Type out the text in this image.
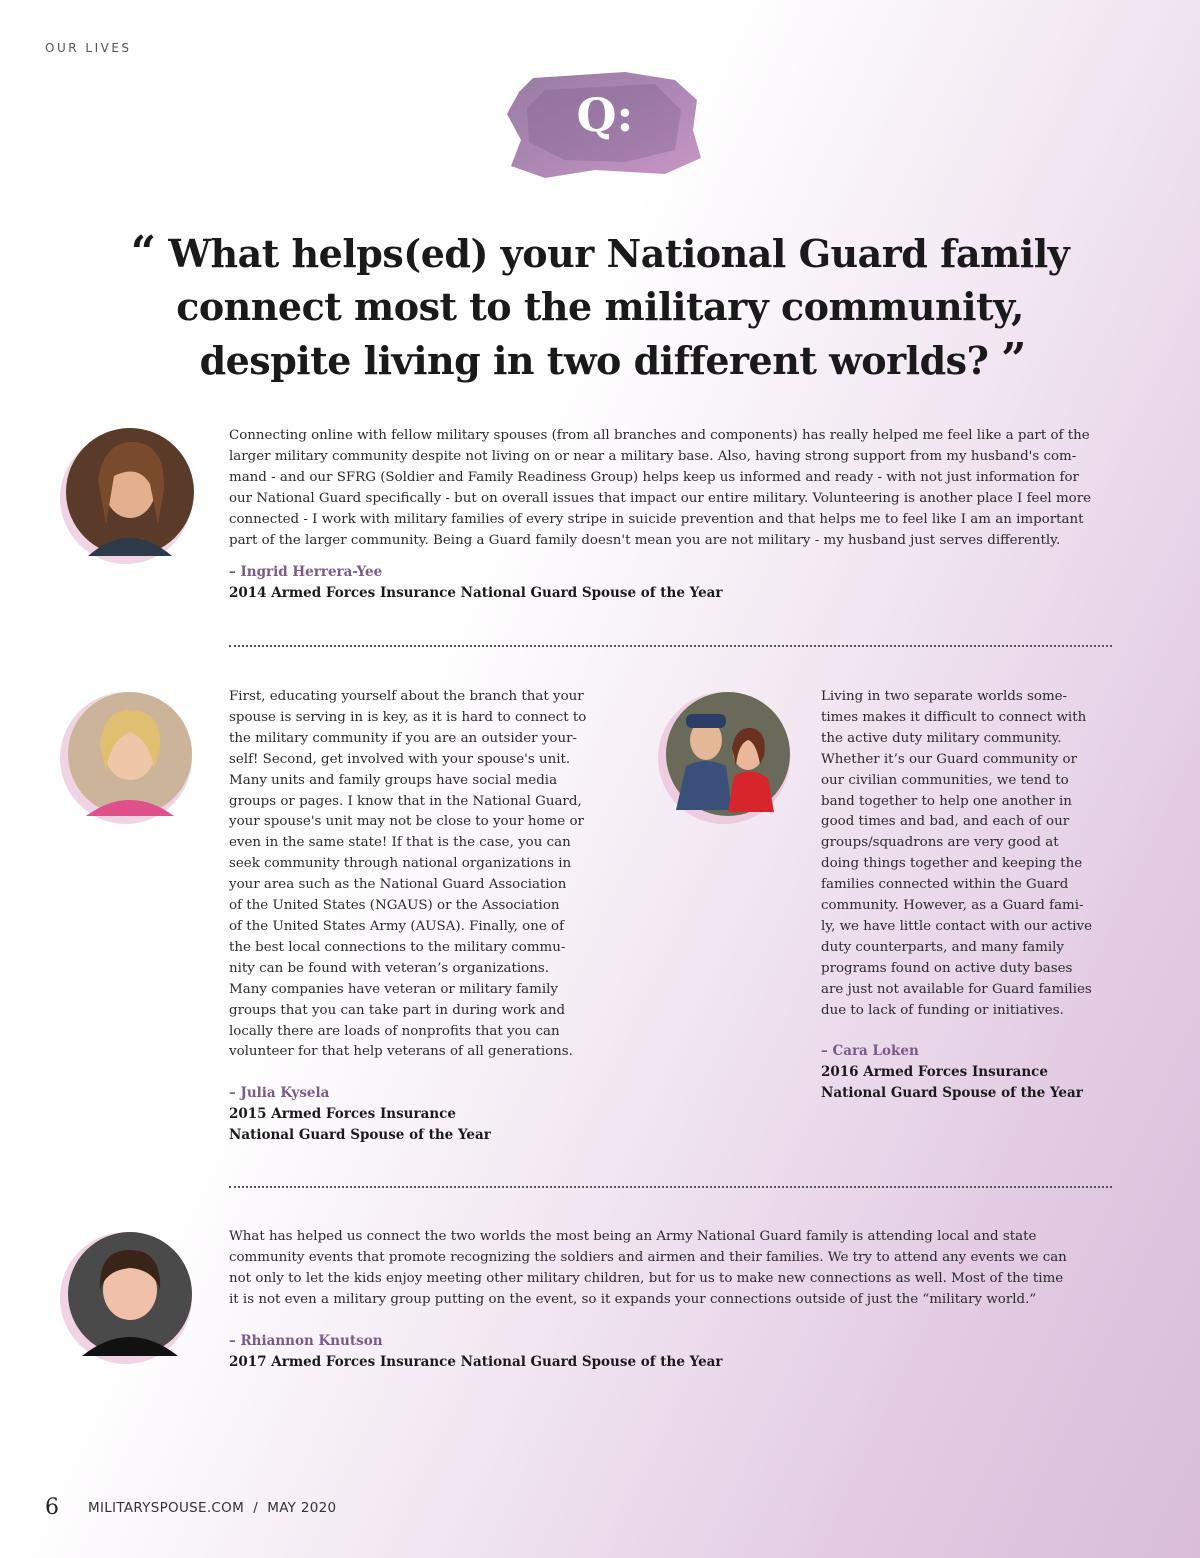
OUR LIVES
Q:
“ What helps(ed) your National Guard family
connect most to the military community,
despite living in two different worlds? ”
Connecting online with fellow military spouses (from all branches and components) has really helped me feel like a part of the
larger military community despite not living on or near a military base. Also, having strong support from my husband's com-
mand - and our SFRG (Soldier and Family Readiness Group) helps keep us informed and ready - with not just information for
our National Guard specifically - but on overall issues that impact our entire military. Volunteering is another place I feel more
connected - I work with military families of every stripe in suicide prevention and that helps me to feel like I am an important
part of the larger community. Being a Guard family doesn't mean you are not military - my husband just serves differently.
– Ingrid Herrera-Yee
2014 Armed Forces Insurance National Guard Spouse of the Year
First, educating yourself about the branch that your
spouse is serving in is key, as it is hard to connect to
the military community if you are an outsider your-
self! Second, get involved with your spouse's unit.
Many units and family groups have social media
groups or pages. I know that in the National Guard,
your spouse's unit may not be close to your home or
even in the same state! If that is the case, you can
seek community through national organizations in
your area such as the National Guard Association
of the United States (NGAUS) or the Association
of the United States Army (AUSA). Finally, one of
the best local connections to the military commu-
nity can be found with veteran’s organizations.
Many companies have veteran or military family
groups that you can take part in during work and
locally there are loads of nonprofits that you can
volunteer for that help veterans of all generations.
– Julia Kysela
2015 Armed Forces Insurance
National Guard Spouse of the Year
Living in two separate worlds some-
times makes it difficult to connect with
the active duty military community.
Whether it’s our Guard community or
our civilian communities, we tend to
band together to help one another in
good times and bad, and each of our
groups/squadrons are very good at
doing things together and keeping the
families connected within the Guard
community. However, as a Guard fami-
ly, we have little contact with our active
duty counterparts, and many family
programs found on active duty bases
are just not available for Guard families
due to lack of funding or initiatives.
– Cara Loken
2016 Armed Forces Insurance
National Guard Spouse of the Year
What has helped us connect the two worlds the most being an Army National Guard family is attending local and state
community events that promote recognizing the soldiers and airmen and their families. We try to attend any events we can
not only to let the kids enjoy meeting other military children, but for us to make new connections as well. Most of the time
it is not even a military group putting on the event, so it expands your connections outside of just the “military world.”
– Rhiannon Knutson
2017 Armed Forces Insurance National Guard Spouse of the Year
6 MILITARYSPOUSE.COM  /  MAY 2020
